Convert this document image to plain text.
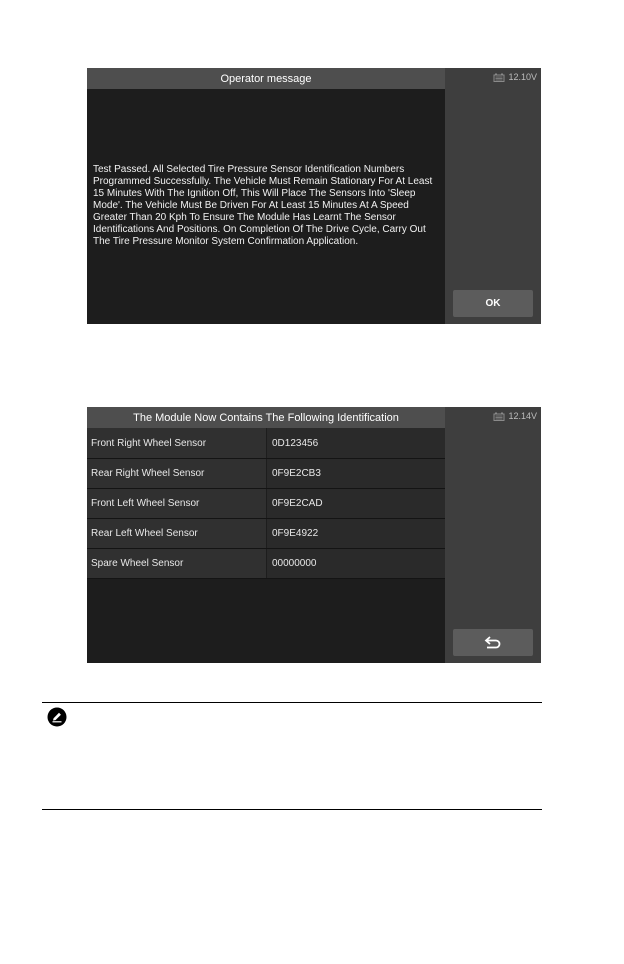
Operator message
Test Passed. All Selected Tire Pressure Sensor Identification Numbers Programmed Successfully. The Vehicle Must Remain Stationary For At Least 15 Minutes With The Ignition Off, This Will Place The Sensors Into 'Sleep Mode'. The Vehicle Must Be Driven For At Least 15 Minutes At A Speed Greater Than 20 Kph To Ensure The Module Has Learnt The Sensor Identifications And Positions. On Completion Of The Drive Cycle, Carry Out The Tire Pressure Monitor System Confirmation Application.
12.10V
OK
The Module Now Contains The Following Identification
Front Right Wheel Sensor	0D123456
Rear Right Wheel Sensor	0F9E2CB3
Front Left Wheel Sensor	0F9E2CAD
Rear Left Wheel Sensor	0F9E4922
Spare Wheel Sensor	00000000
12.14V
